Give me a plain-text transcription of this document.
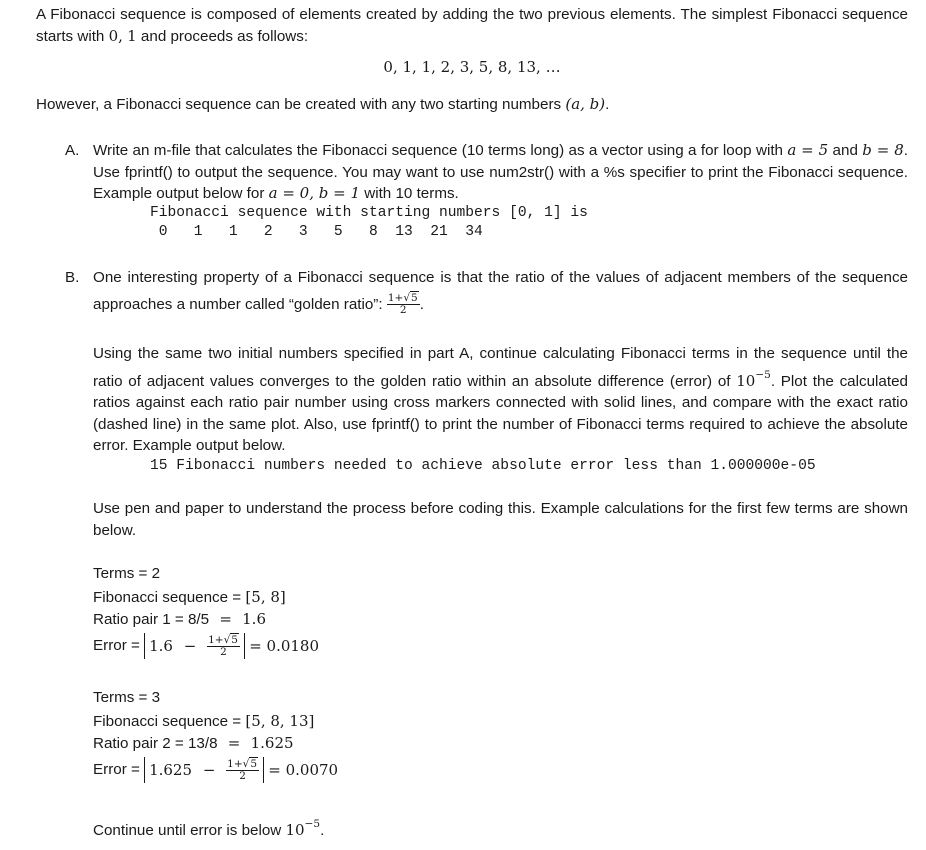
A Fibonacci sequence is composed of elements created by adding the two previous elements. The simplest Fibonacci sequence starts with 0, 1 and proceeds as follows:
0, 1, 1, 2, 3, 5, 8, 13, …
However, a Fibonacci sequence can be created with any two starting numbers (a, b).
A. Write an m-file that calculates the Fibonacci sequence (10 terms long) as a vector using a for loop with a = 5 and b = 8. Use fprintf() to output the sequence. You may want to use num2str() with a %s specifier to print the Fibonacci sequence. Example output below for a = 0, b = 1 with 10 terms.
Fibonacci sequence with starting numbers [0, 1] is
0   1   1   2   3   5   8  13  21  34
B. One interesting property of a Fibonacci sequence is that the ratio of the values of adjacent members of the sequence approaches a number called “golden ratio”: $\frac{1+√5}{2}$ .
Using the same two initial numbers specified in part A, continue calculating Fibonacci terms in the sequence until the ratio of adjacent values converges to the golden ratio within an absolute difference (error) of $10^{-5}$. Plot the calculated ratios against each ratio pair number using cross markers connected with solid lines, and compare with the exact ratio (dashed line) in the same plot. Also, use fprintf() to print the number of Fibonacci terms required to achieve the absolute error. Example output below.
15 Fibonacci numbers needed to achieve absolute error less than 1.000000e-05
Use pen and paper to understand the process before coding this. Example calculations for the first few terms are shown below.
Terms = 2
Fibonacci sequence = [5, 8]
Ratio pair 1 = 8/5 = 1.6
Error =
$1.6 - \frac{1+√5}{2}$
= 0.0180
Terms = 3
Fibonacci sequence = [5, 8, 13]
Ratio pair 2 = 13/8 = 1.625
Error =
$1.625 - \frac{1+√5}{2}$
= 0.0070
Continue until error is below $10^{-5}$.
